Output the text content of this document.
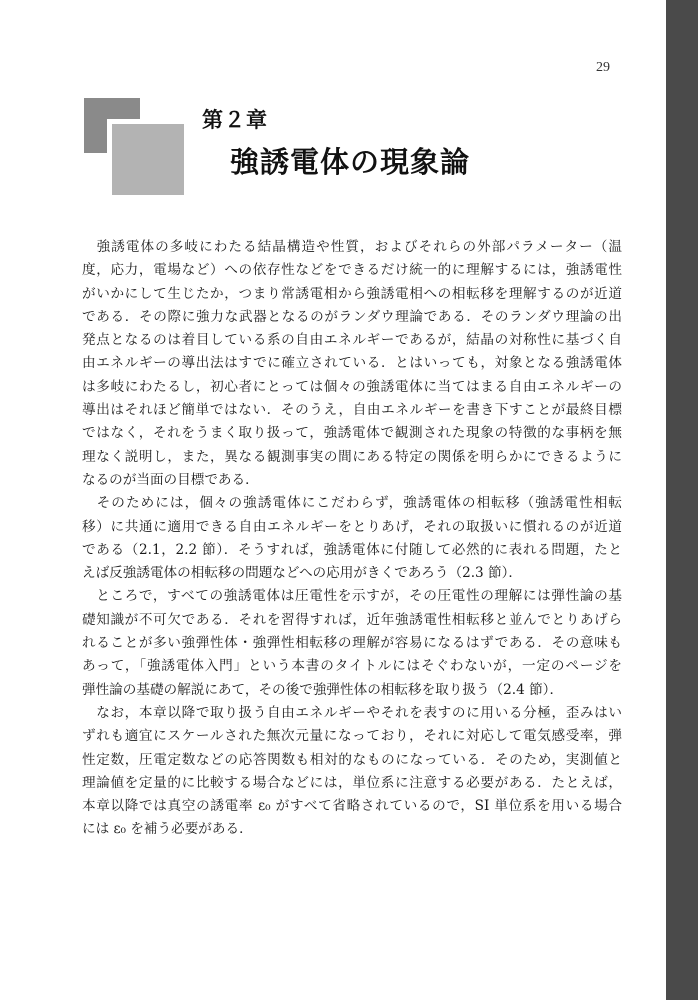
29
第２章
強誘電体の現象論
　強誘電体の多岐にわたる結晶構造や性質，およびそれらの外部パラメーター（温
度，応力，電場など）への依存性などをできるだけ統一的に理解するには，強誘電性
がいかにして生じたか，つまり常誘電相から強誘電相への相転移を理解するのが近道
である．その際に強力な武器となるのがランダウ理論である．そのランダウ理論の出
発点となるのは着目している系の自由エネルギーであるが，結晶の対称性に基づく自
由エネルギーの導出法はすでに確立されている．とはいっても，対象となる強誘電体
は多岐にわたるし，初心者にとっては個々の強誘電体に当てはまる自由エネルギーの
導出はそれほど簡単ではない．そのうえ，自由エネルギーを書き下すことが最終目標
ではなく，それをうまく取り扱って，強誘電体で観測された現象の特徴的な事柄を無
理なく説明し，また，異なる観測事実の間にある特定の関係を明らかにできるように
なるのが当面の目標である．
　そのためには，個々の強誘電体にこだわらず，強誘電体の相転移（強誘電性相転
移）に共通に適用できる自由エネルギーをとりあげ，それの取扱いに慣れるのが近道
である（2.1，2.2 節）．そうすれば，強誘電体に付随して必然的に表れる問題，たと
えば反強誘電体の相転移の問題などへの応用がきくであろう（2.3 節）．
　ところで，すべての強誘電体は圧電性を示すが，その圧電性の理解には弾性論の基
礎知識が不可欠である．それを習得すれば，近年強誘電性相転移と並んでとりあげら
れることが多い強弾性体・強弾性相転移の理解が容易になるはずである．その意味も
あって，「強誘電体入門」という本書のタイトルにはそぐわないが，一定のページを
弾性論の基礎の解説にあて，その後で強弾性体の相転移を取り扱う（2.4 節）．
　なお，本章以降で取り扱う自由エネルギーやそれを表すのに用いる分極，歪みはい
ずれも適宜にスケールされた無次元量になっており，それに対応して電気感受率，弾
性定数，圧電定数などの応答関数も相対的なものになっている．そのため，実測値と
理論値を定量的に比較する場合などには，単位系に注意する必要がある．たとえば，
本章以降では真空の誘電率 ε₀ がすべて省略されているので，SI 単位系を用いる場合
には ε₀ を補う必要がある．
